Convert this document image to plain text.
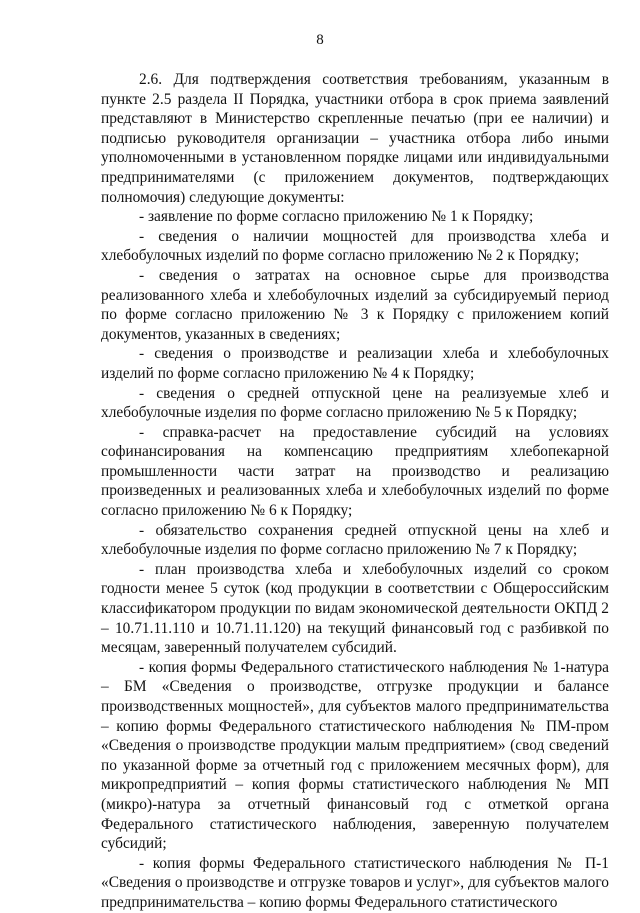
8

2.6. Для подтверждения соответствия требованиям, указанным в пункте 2.5 раздела II Порядка, участники отбора в срок приема заявлений представляют в Министерство скрепленные печатью (при ее наличии) и подписью руководителя организации – участника отбора либо иными уполномоченными в установленном порядке лицами или индивидуальными предпринимателями (с приложением документов, подтверждающих полномочия) следующие документы:

- заявление по форме согласно приложению № 1 к Порядку;

- сведения о наличии мощностей для производства хлеба и хлебобулочных изделий по форме согласно приложению № 2 к Порядку;

- сведения о затратах на основное сырье для производства реализованного хлеба и хлебобулочных изделий за субсидируемый период по форме согласно приложению № 3 к Порядку с приложением копий документов, указанных в сведениях;

- сведения о производстве и реализации хлеба и хлебобулочных изделий по форме согласно приложению № 4 к Порядку;

- сведения о средней отпускной цене на реализуемые хлеб и хлебобулочные изделия по форме согласно приложению № 5 к Порядку;

- справка-расчет на предоставление субсидий на условиях софинансирования на компенсацию предприятиям хлебопекарной промышленности части затрат на производство и реализацию произведенных и реализованных хлеба и хлебобулочных изделий по форме согласно приложению № 6 к Порядку;

- обязательство сохранения средней отпускной цены на хлеб и хлебобулочные изделия по форме согласно приложению № 7 к Порядку;

- план производства хлеба и хлебобулочных изделий со сроком годности менее 5 суток (код продукции в соответствии с Общероссийским классификатором продукции по видам экономической деятельности ОКПД 2 – 10.71.11.110 и 10.71.11.120) на текущий финансовый год с разбивкой по месяцам, заверенный получателем субсидий.

- копия формы Федерального статистического наблюдения № 1-натура – БМ «Сведения о производстве, отгрузке продукции и балансе производственных мощностей», для субъектов малого предпринимательства – копию формы Федерального статистического наблюдения № ПМ-пром «Сведения о производстве продукции малым предприятием» (свод сведений по указанной форме за отчетный год с приложением месячных форм), для микропредприятий – копия формы статистического наблюдения № МП (микро)-натура за отчетный финансовый год с отметкой органа Федерального статистического наблюдения, заверенную получателем субсидий;

- копия формы Федерального статистического наблюдения № П-1 «Сведения о производстве и отгрузке товаров и услуг», для субъектов малого предпринимательства – копию формы Федерального статистического
